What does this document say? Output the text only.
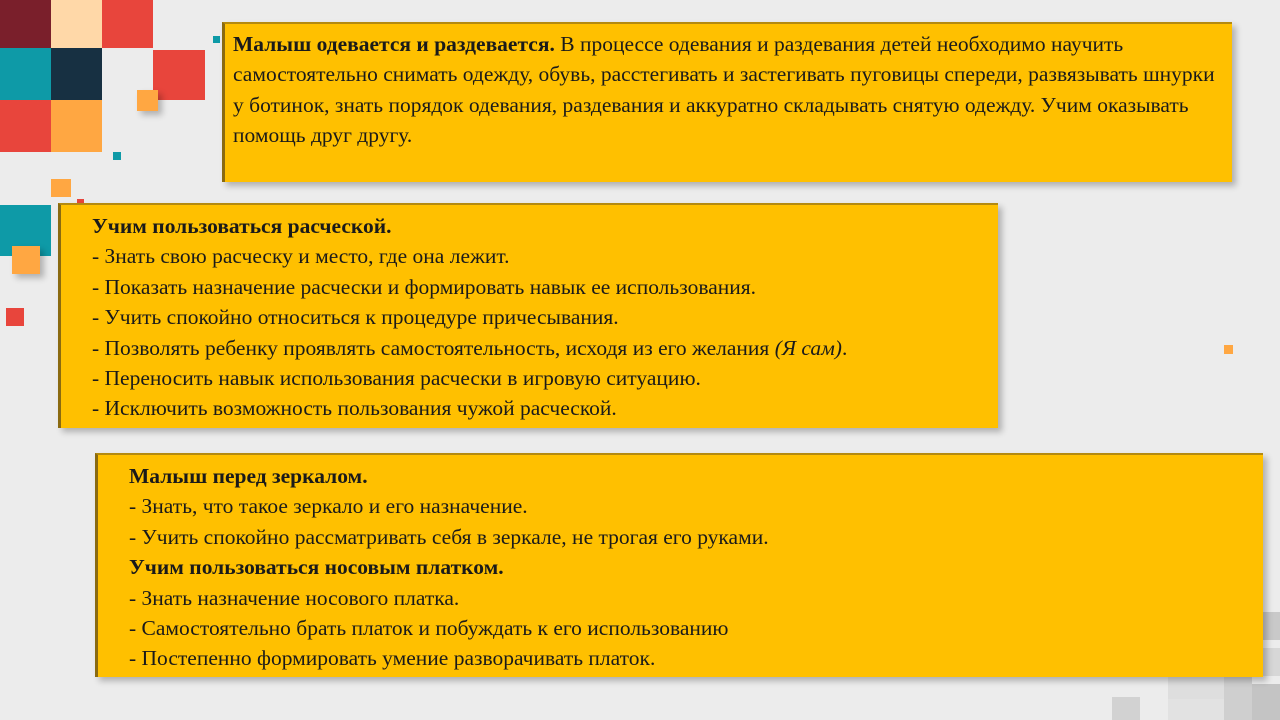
Малыш одевается и раздевается. В процессе одевания и раздевания детей необходимо научить самостоятельно снимать одежду, обувь, расстегивать и застегивать пуговицы спереди, развязывать шнурки у ботинок, знать порядок одевания, раздевания и аккуратно складывать снятую одежду. Учим оказывать помощь друг другу.

Учим пользоваться расческой.

- Знать свою расческу и место, где она лежит.

- Показать назначение расчески и формировать навык ее использования.

- Учить спокойно относиться к процедуре причесывания.

- Позволять ребенку проявлять самостоятельность, исходя из его желания (Я сам).

- Переносить навык использования расчески в игровую ситуацию.

- Исключить возможность пользования чужой расческой.

Малыш перед зеркалом.

- Знать, что такое зеркало и его назначение.

- Учить спокойно рассматривать себя в зеркале, не трогая его руками.

Учим пользоваться носовым платком.

- Знать назначение носового платка.

- Самостоятельно брать платок и побуждать к его использованию

- Постепенно формировать умение разворачивать платок.
